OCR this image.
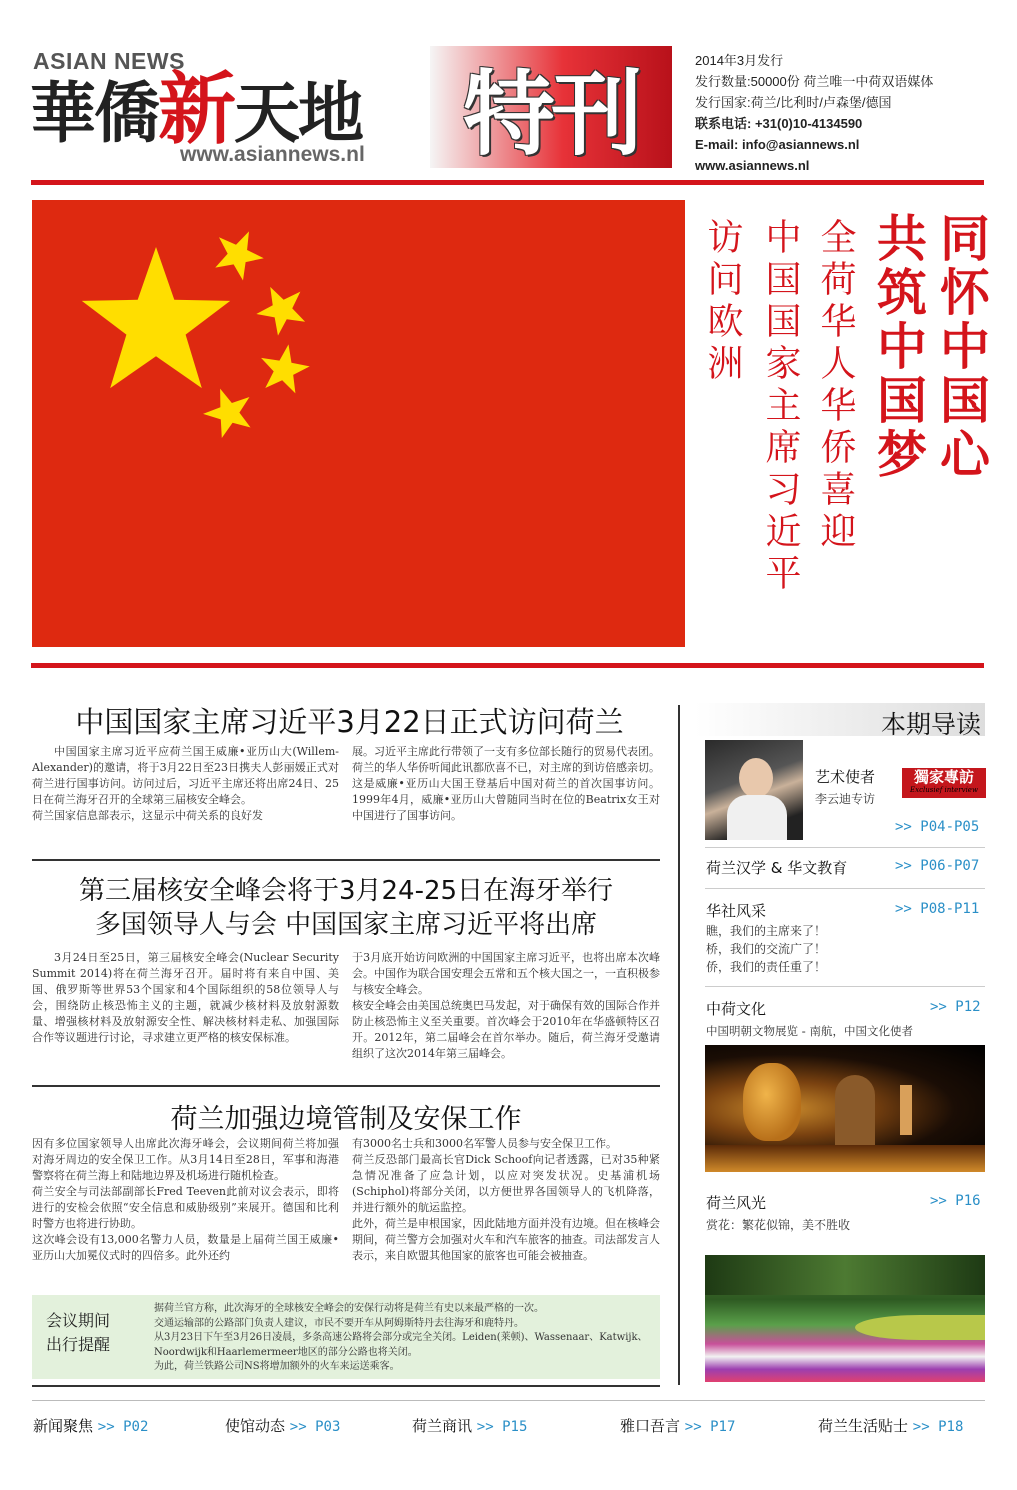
ASIAN NEWS
華僑新天地
www.asiannews.nl	特刊
2014年3月发行
发行数量:50000份 荷兰唯一中荷双语媒体
发行国家:荷兰/比利时/卢森堡/德国
联系电话: +31(0)10-4134590
E-mail: info@asiannews.nl
www.asiannews.nl
同怀中国心
共筑中国梦
全荷华人华侨喜迎
中国国家主席习近平
访问欧洲
中国国家主席习近平3月22日正式访问荷兰
中国国家主席习近平应荷兰国王威廉•亚历山大(Willem-Alexander)的邀请，将于3月22日至23日携夫人彭丽媛正式对荷兰进行国事访问。访问过后，习近平主席还将出席24日、25日在荷兰海牙召开的全球第三届核安全峰会。
荷兰国家信息部表示，这显示中荷关系的良好发
展。习近平主席此行带领了一支有多位部长随行的贸易代表团。荷兰的华人华侨听闻此讯都欣喜不已，对主席的到访倍感亲切。
这是威廉•亚历山大国王登基后中国对荷兰的首次国事访问。1999年4月，威廉•亚历山大曾随同当时在位的Beatrix女王对中国进行了国事访问。
第三届核安全峰会将于3月24-25日在海牙举行
多国领导人与会 中国国家主席习近平将出席
3月24日至25日，第三届核安全峰会(Nuclear Security Summit 2014)将在荷兰海牙召开。届时将有来自中国、美国、俄罗斯等世界53个国家和4个国际组织的58位领导人与会，围绕防止核恐怖主义的主题，就减少核材料及放射源数量、增强核材料及放射源安全性、解决核材料走私、加强国际合作等议题进行讨论，寻求建立更严格的核安保标准。
于3月底开始访问欧洲的中国国家主席习近平，也将出席本次峰会。中国作为联合国安理会五常和五个核大国之一，一直积极参与核安全峰会。
核安全峰会由美国总统奥巴马发起，对于确保有效的国际合作并防止核恐怖主义至关重要。首次峰会于2010年在华盛顿特区召开。2012年，第二届峰会在首尔举办。随后，荷兰海牙受邀请组织了这次2014年第三届峰会。
荷兰加强边境管制及安保工作
因有多位国家领导人出席此次海牙峰会，会议期间荷兰将加强对海牙周边的安全保卫工作。从3月14日至28日，军事和海港警察将在荷兰海上和陆地边界及机场进行随机检查。
荷兰安全与司法部副部长Fred Teeven此前对议会表示，即将进行的安检会依照“安全信息和威胁级别”来展开。德国和比利时警方也将进行协助。
这次峰会设有13,000名警力人员，数量是上届荷兰国王威廉•亚历山大加冕仪式时的四倍多。此外还约
有3000名士兵和3000名军警人员参与安全保卫工作。
荷兰反恐部门最高长官Dick Schoof向记者透露，已对35种紧急情况准备了应急计划，以应对突发状况。史基浦机场(Schiphol)将部分关闭，以方便世界各国领导人的飞机降落，并进行额外的航运监控。
此外，荷兰是申根国家，因此陆地方面并没有边境。但在核峰会期间，荷兰警方会加强对火车和汽车旅客的抽查。司法部发言人表示，来自欧盟其他国家的旅客也可能会被抽查。
会议期间
出行提醒
据荷兰官方称，此次海牙的全球核安全峰会的安保行动将是荷兰有史以来最严格的一次。
交通运输部的公路部门负责人建议，市民不要开车从阿姆斯特丹去往海牙和鹿特丹。
从3月23日下午至3月26日凌晨，多条高速公路将会部分或完全关闭。Leiden(莱顿)、Wassenaar、Katwijk、Noordwijk和Haarlemermeer地区的部分公路也将关闭。
为此，荷兰铁路公司NS将增加额外的火车来运送乘客。
本期导读
艺术使者
李云迪专访
獨家專訪
Exclusief interview
>> P04-P05
荷兰汉学 & 华文教育	>> P06-P07
华社风采	>> P08-P11
瞧，我们的主席来了！
桥，我们的交流广了！
侨，我们的责任重了！
中荷文化	>> P12
中国明朝文物展览 - 南航，中国文化使者
荷兰风光	>> P16
赏花：繁花似锦，美不胜收
新闻聚焦 >> P02	使馆动态 >> P03	荷兰商讯 >> P15	雅口吾言 >> P17	荷兰生活贴士 >> P18
